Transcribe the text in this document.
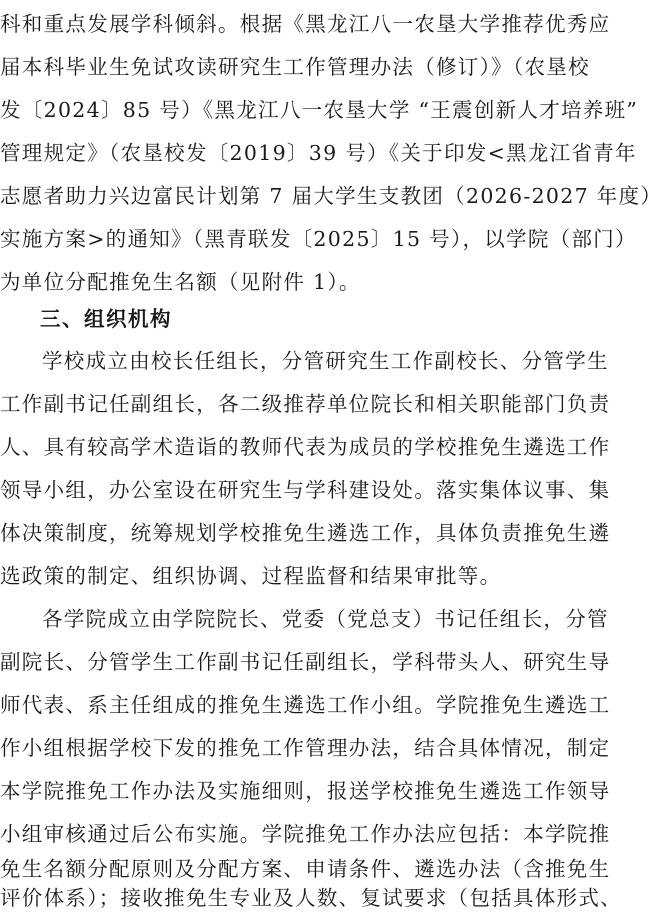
科和重点发展学科倾斜。根据《黑龙江八一农垦大学推荐优秀应
届本科毕业生免试攻读研究生工作管理办法（修订）》（农垦校
发〔2024〕85 号）《黑龙江八一农垦大学 “王震创新人才培养班”
管理规定》（农垦校发〔2019〕39 号）《关于印发<黑龙江省青年
志愿者助力兴边富民计划第 7 届大学生支教团（2026-2027 年度）
实施方案>的通知》（黑青联发〔2025〕15 号），以学院（部门）
为单位分配推免生名额（见附件 1）。
三、组织机构
学校成立由校长任组长，分管研究生工作副校长、分管学生
工作副书记任副组长，各二级推荐单位院长和相关职能部门负责
人、具有较高学术造诣的教师代表为成员的学校推免生遴选工作
领导小组，办公室设在研究生与学科建设处。落实集体议事、集
体决策制度，统筹规划学校推免生遴选工作，具体负责推免生遴
选政策的制定、组织协调、过程监督和结果审批等。
各学院成立由学院院长、党委（党总支）书记任组长，分管
副院长、分管学生工作副书记任副组长，学科带头人、研究生导
师代表、系主任组成的推免生遴选工作小组。学院推免生遴选工
作小组根据学校下发的推免工作管理办法，结合具体情况，制定
本学院推免工作办法及实施细则，报送学校推免生遴选工作领导
小组审核通过后公布实施。学院推免工作办法应包括：本学院推
免生名额分配原则及分配方案、申请条件、遴选办法（含推免生
评价体系）；接收推免生专业及人数、复试要求（包括具体形式、
